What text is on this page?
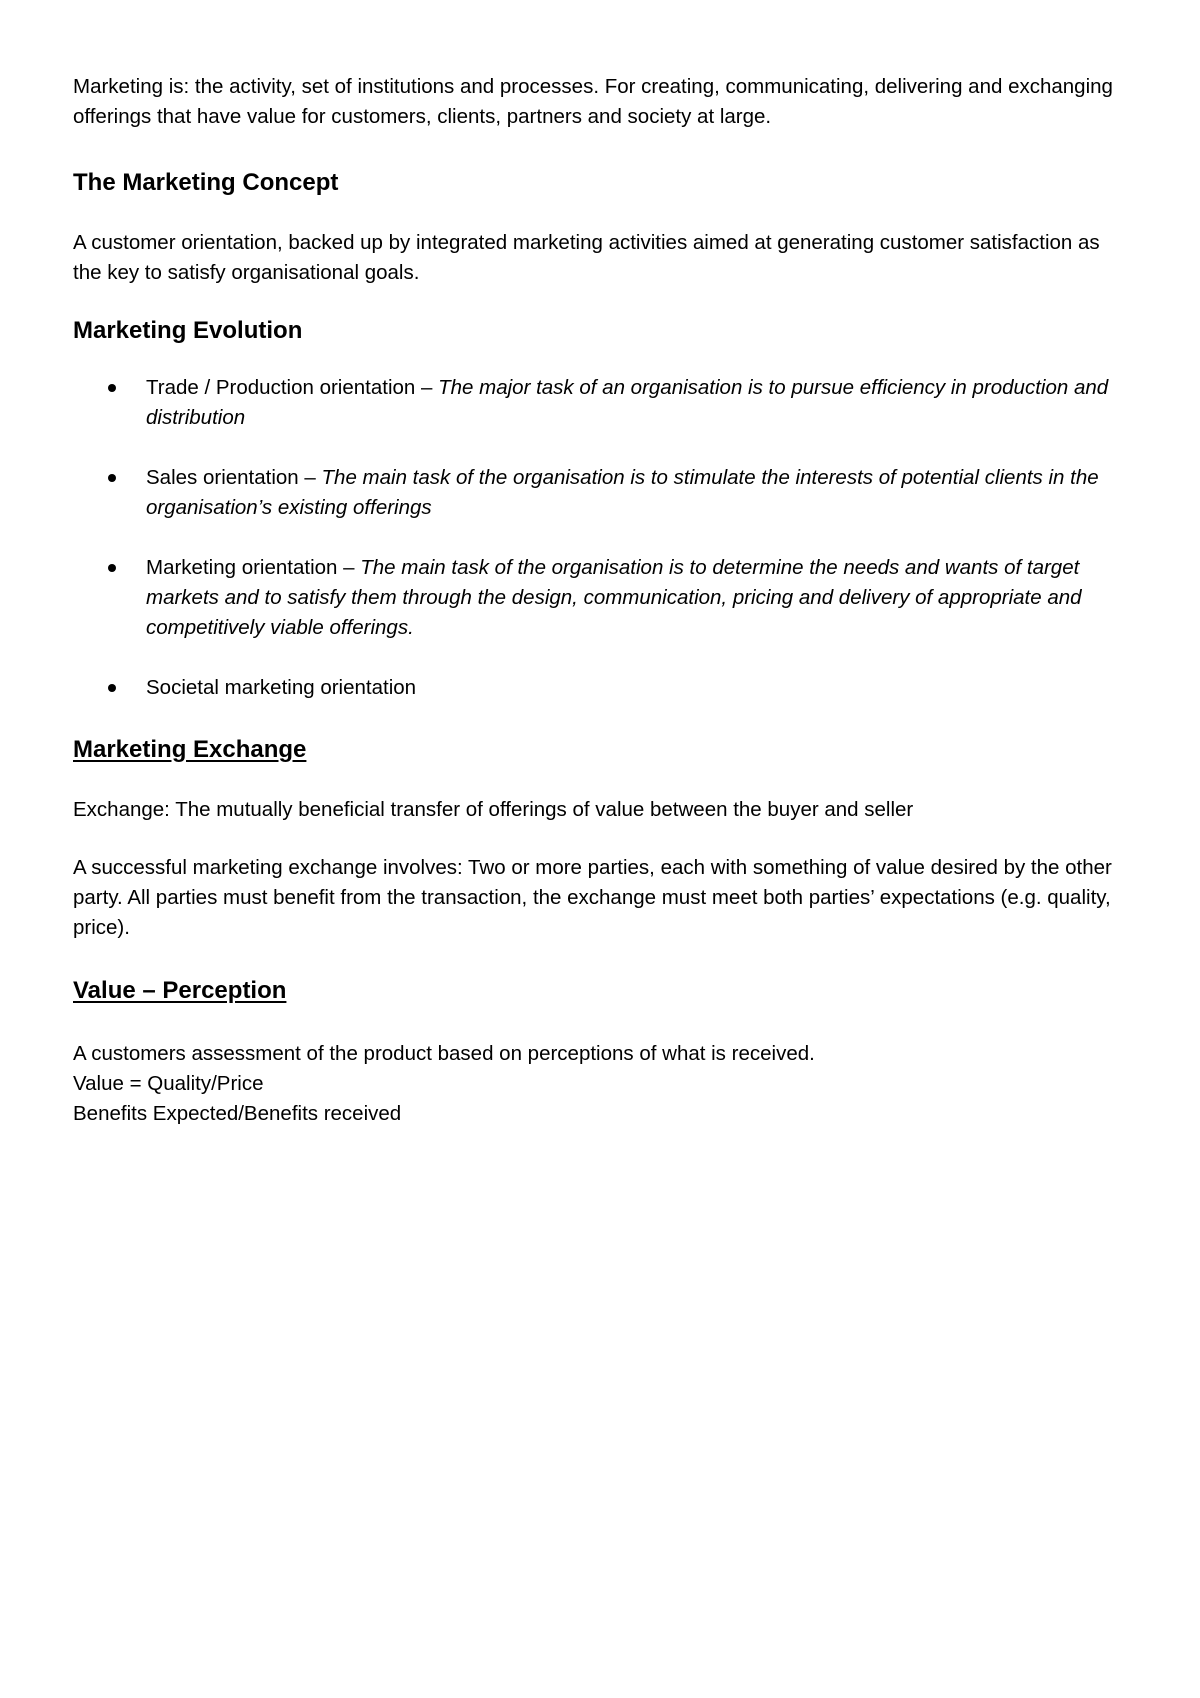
Marketing is: the activity, set of institutions and processes. For creating, communicating, delivering and exchanging offerings that have value for customers, clients, partners and society at large.

The Marketing Concept

A customer orientation, backed up by integrated marketing activities aimed at generating customer satisfaction as the key to satisfy organisational goals.

Marketing Evolution
Trade / Production orientation – The major task of an organisation is to pursue efficiency in production and distribution
Sales orientation – The main task of the organisation is to stimulate the interests of potential clients in the organisation’s existing offerings
Marketing orientation – The main task of the organisation is to determine the needs and wants of target markets and to satisfy them through the design, communication, pricing and delivery of appropriate and competitively viable offerings.
Societal marketing orientation
Marketing Exchange

Exchange: The mutually beneficial transfer of offerings of value between the buyer and seller

A successful marketing exchange involves: Two or more parties, each with something of value desired by the other party. All parties must benefit from the transaction, the exchange must meet both parties’ expectations (e.g. quality, price).

Value – Perception

A customers assessment of the product based on perceptions of what is received.

Value = Quality/Price

Benefits Expected/Benefits received
